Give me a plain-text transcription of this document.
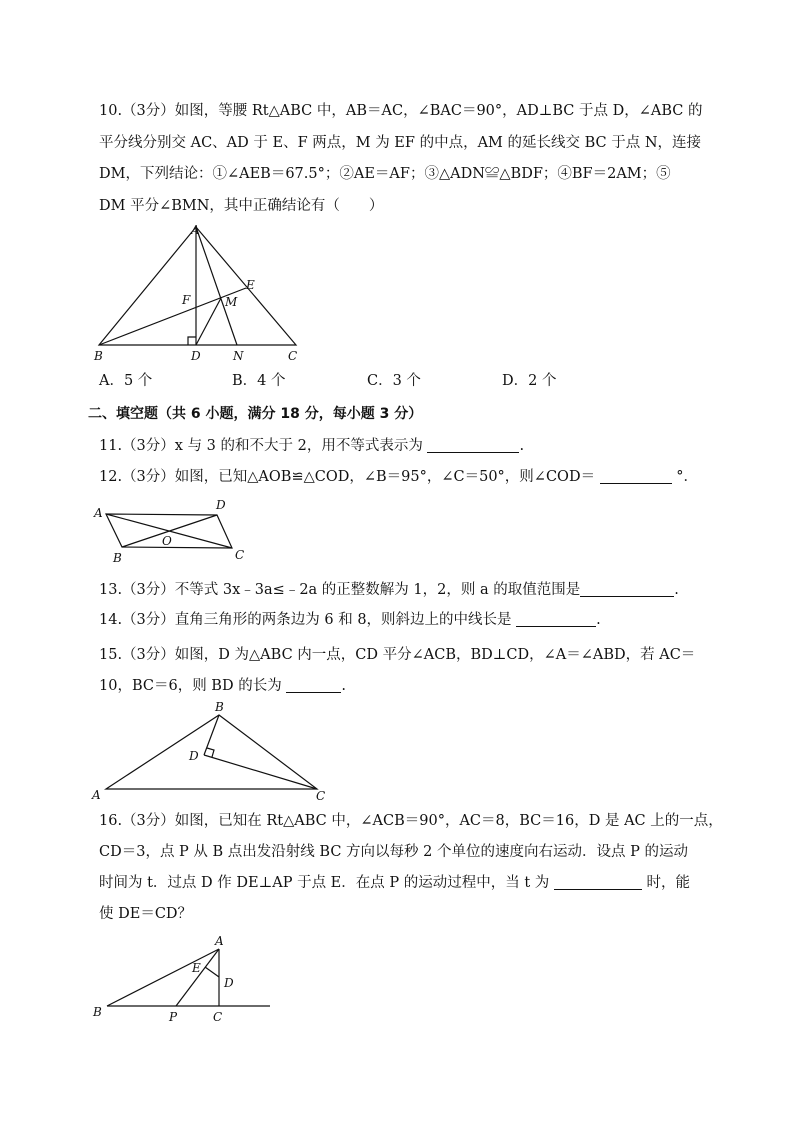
10.（3分）如图，等腰 Rt△ABC 中，AB＝AC，∠BAC＝90°，AD⊥BC 于点 D，∠ABC 的
平分线分别交 AC、AD 于 E、F 两点，M 为 EF 的中点，AM 的延长线交 BC 于点 N，连接
DM，下列结论：①∠AEB＝67.5°；②AE＝AF；③△ADN≌△BDF；④BF＝2AM；⑤
DM 平分∠BMN，其中正确结论有（　　）
A
B	C
D
E
F	M
N
A．5 个	B．4 个	C．3 个	D．2 个
二、填空题（共 6 小题，满分 18 分，每小题 3 分）
11.（3分）x 与 3 的和不大于 2，用不等式表示为	.
12.（3分）如图，已知△AOB≌△COD，∠B＝95°，∠C＝50°，则∠COD＝	°．
A
B
O
D
C
13.（3分）不等式 3x﹣3a≤﹣2a 的正整数解为 1，2，则 a 的取值范围是	.
14.（3分）直角三角形的两条边为 6 和 8，则斜边上的中线长是	.
15.（3分）如图，D 为△ABC 内一点，CD 平分∠ACB，BD⊥CD，∠A＝∠ABD，若 AC＝
10，BC＝6，则 BD 的长为	.
A
B
C
D
16.（3分）如图，已知在 Rt△ABC 中，∠ACB＝90°，AC＝8，BC＝16，D 是 AC 上的一点，
CD＝3，点 P 从 B 点出发沿射线 BC 方向以每秒 2 个单位的速度向右运动．设点 P 的运动
时间为 t．过点 D 作 DE⊥AP 于点 E．在点 P 的运动过程中，当 t 为	时，能
使 DE＝CD？
A
B	C
D
E
P
